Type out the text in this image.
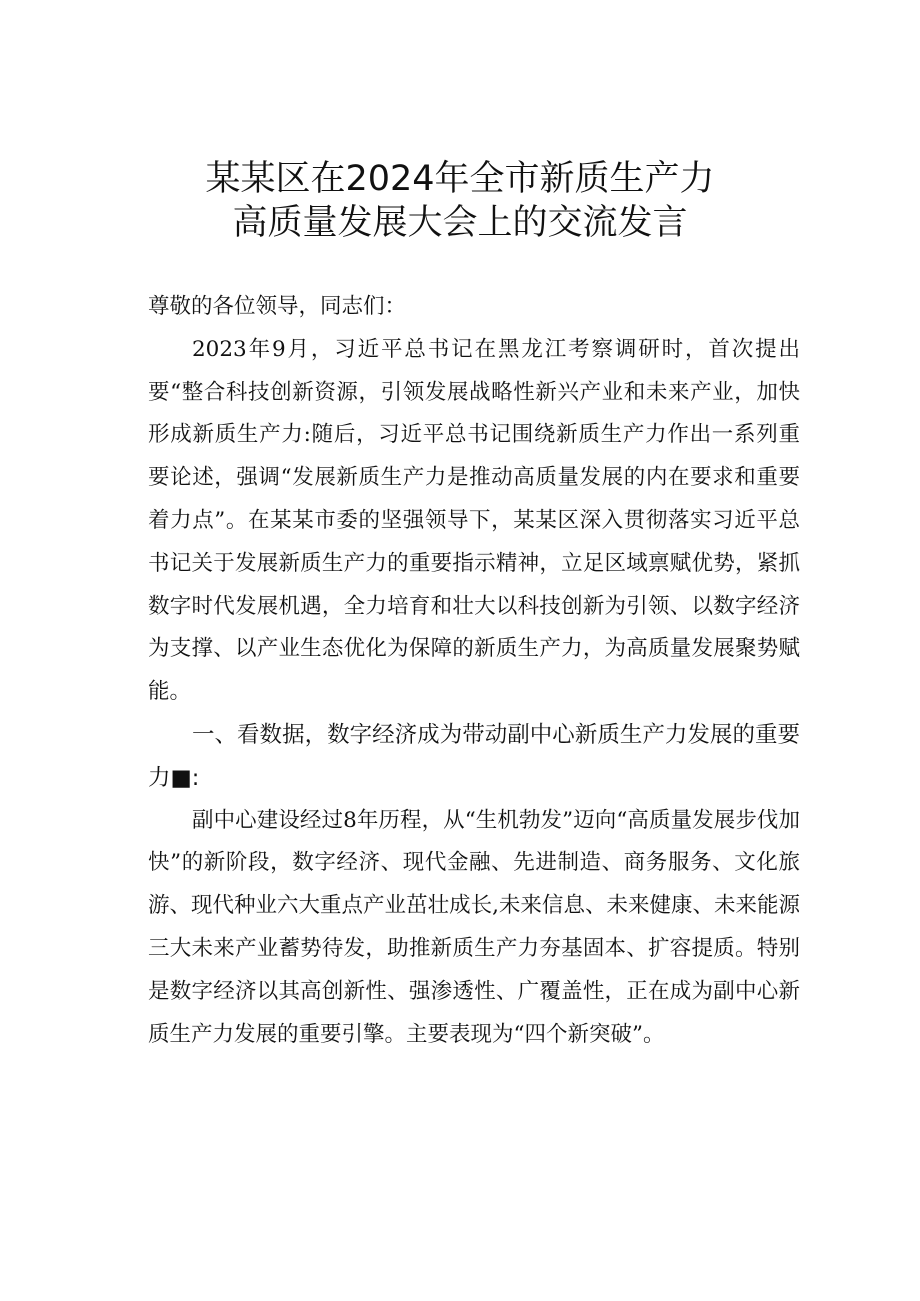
某某区在2024年全市新质生产力
高质量发展大会上的交流发言

尊敬的各位领导，同志们：

2023年9月，习近平总书记在黑龙江考察调研时，首次提出要“整合科技创新资源，引领发展战略性新兴产业和未来产业，加快形成新质生产力:随后，习近平总书记围绕新质生产力作出一系列重要论述，强调“发展新质生产力是推动高质量发展的内在要求和重要着力点”。在某某市委的坚强领导下，某某区深入贯彻落实习近平总书记关于发展新质生产力的重要指示精神，立足区域禀赋优势，紧抓数字时代发展机遇，全力培育和壮大以科技创新为引领、以数字经济为支撑、以产业生态优化为保障的新质生产力，为高质量发展聚势赋能。

一、看数据，数字经济成为带动副中心新质生产力发展的重要力■:

副中心建设经过8年历程，从“生机勃发”迈向“高质量发展步伐加快”的新阶段，数字经济、现代金融、先进制造、商务服务、文化旅游、现代种业六大重点产业茁壮成长,未来信息、未来健康、未来能源三大未来产业蓄势待发，助推新质生产力夯基固本、扩容提质。特别是数字经济以其高创新性、强渗透性、广覆盖性，正在成为副中心新质生产力发展的重要引擎。主要表现为“四个新突破”。
